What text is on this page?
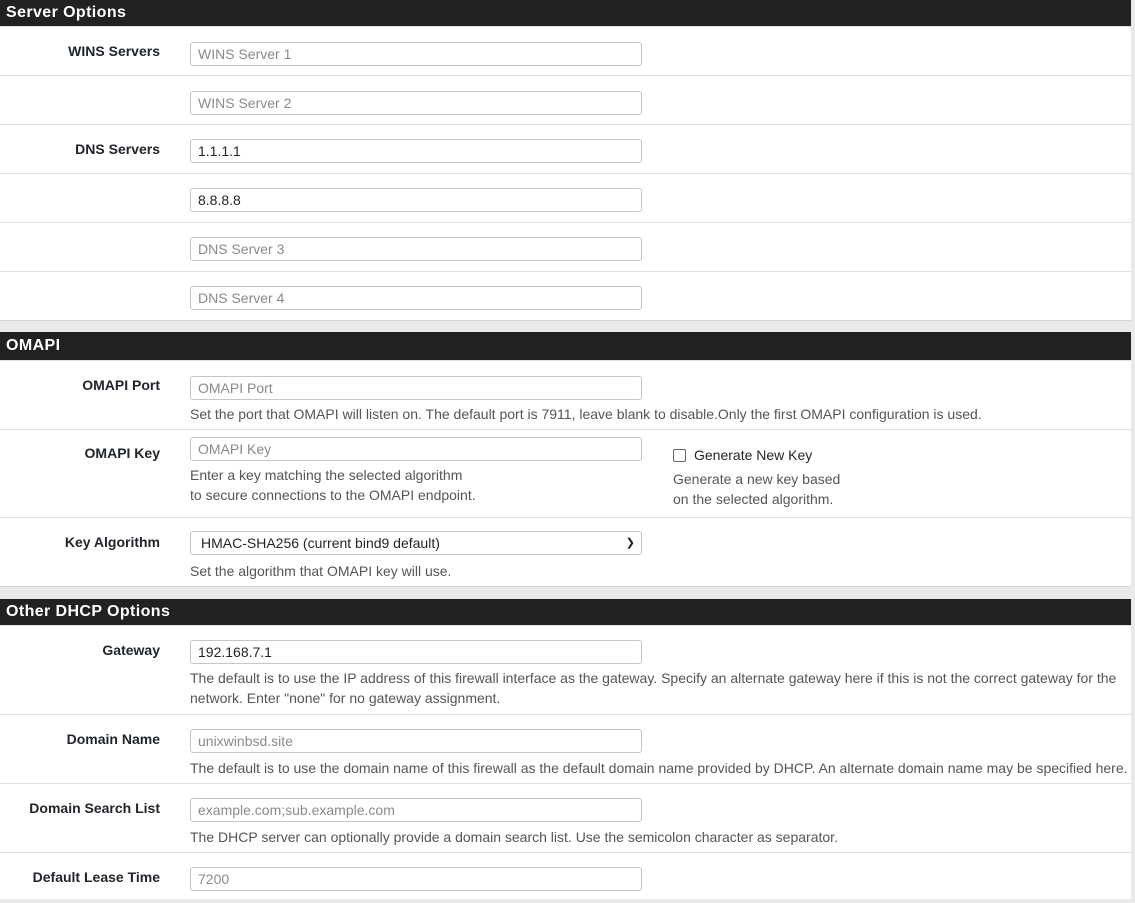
Server Options
WINS Servers
WINS Server 1
WINS Server 2
DNS Servers
1.1.1.1
8.8.8.8
DNS Server 3
DNS Server 4
OMAPI
OMAPI Port
OMAPI Port
Set the port that OMAPI will listen on. The default port is 7911, leave blank to disable.Only the first OMAPI configuration is used.
OMAPI Key
OMAPI Key
Enter a key matching the selected algorithm
to secure connections to the OMAPI endpoint.
Generate New Key
Generate a new key based
on the selected algorithm.
Key Algorithm	HMAC-SHA256 (current bind9 default)	❯
Set the algorithm that OMAPI key will use.
Other DHCP Options
Gateway
192.168.7.1
The default is to use the IP address of this firewall interface as the gateway. Specify an alternate gateway here if this is not the correct gateway for the
network. Enter "none" for no gateway assignment.
Domain Name
unixwinbsd.site
The default is to use the domain name of this firewall as the default domain name provided by DHCP. An alternate domain name may be specified here.
Domain Search List
example.com;sub.example.com
The DHCP server can optionally provide a domain search list. Use the semicolon character as separator.
Default Lease Time
7200
